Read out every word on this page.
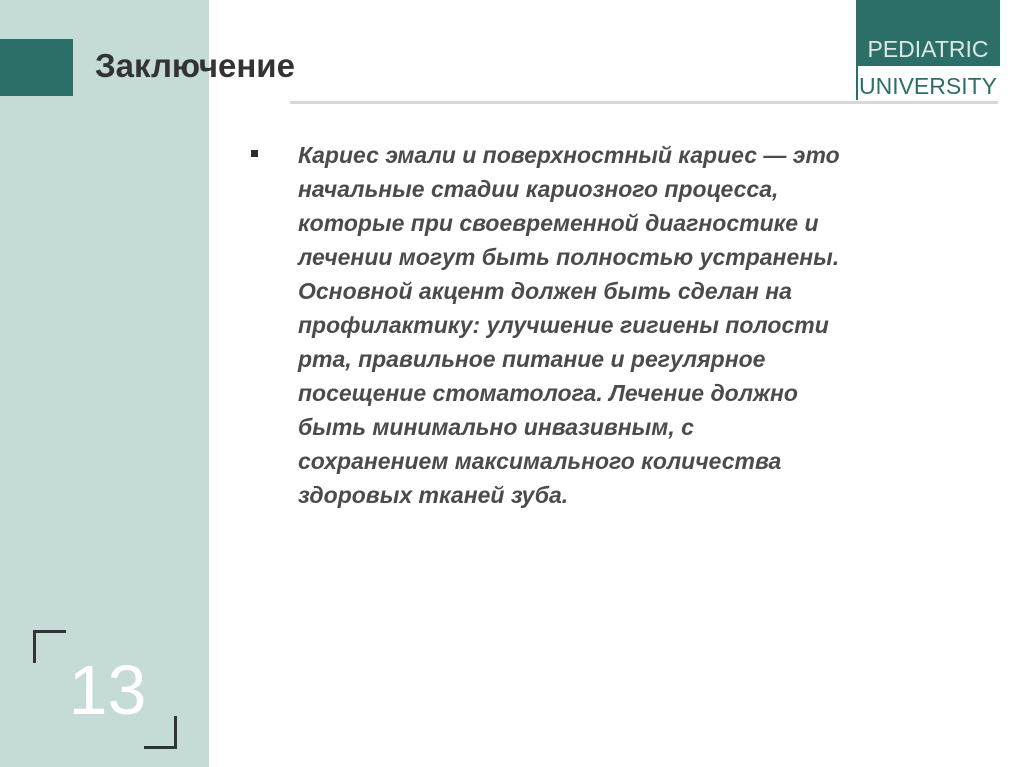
Заключение	PEDIATRIC
UNIVERSITY
Кариес эмали и поверхностный кариес — это
начальные стадии кариозного процесса,
которые при своевременной диагностике и
лечении могут быть полностью устранены.
Основной акцент должен быть сделан на
профилактику: улучшение гигиены полости
рта, правильное питание и регулярное
посещение стоматолога. Лечение должно
быть минимально инвазивным, с
сохранением максимального количества
здоровых тканей зуба.
13
